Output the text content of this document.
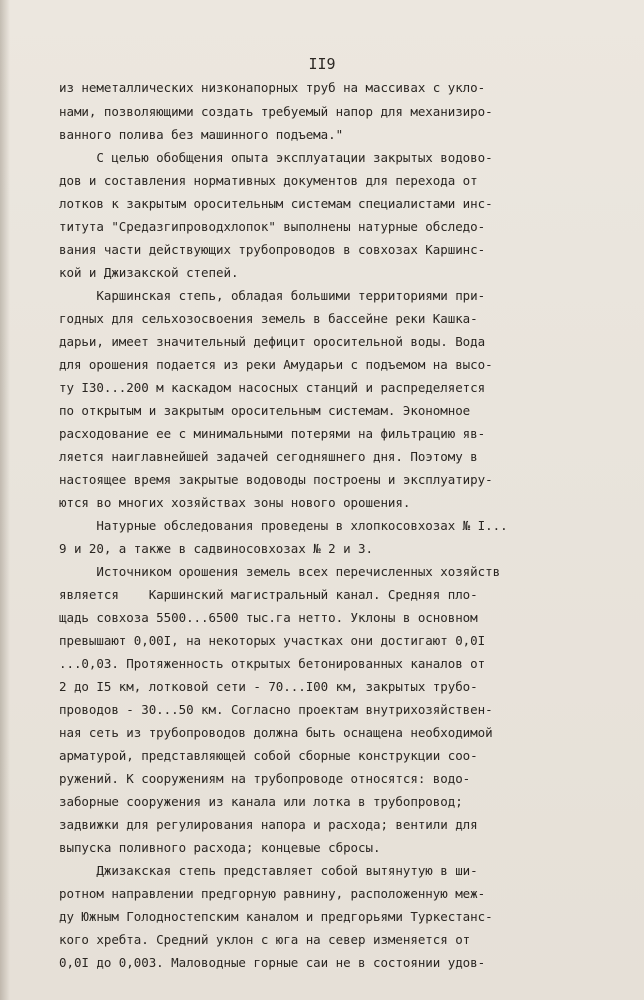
II9
из неметаллических низконапорных труб на массивах с укло-
нами, позволяющими создать требуемый напор для механизиро-
ванного полива без машинного подъема."
С целью обобщения опыта эксплуатации закрытых водово-
дов и составления нормативных документов для перехода от
лотков к закрытым оросительным системам специалистами инс-
титута "Средазгипроводхлопок" выполнены натурные обследо-
вания части действующих трубопроводов в совхозах Каршинс-
кой и Джизакской степей.
Каршинская степь, обладая большими территориями при-
годных для сельхозосвоения земель в бассейне реки Кашка-
дарьи, имеет значительный дефицит оросительной воды. Вода
для орошения подается из реки Амударьи с подъемом на высо-
ту I30...200 м каскадом насосных станций и распределяется
по открытым и закрытым оросительным системам. Экономное
расходование ее с минимальными потерями на фильтрацию яв-
ляется наиглавнейшей задачей сегодняшнего дня. Поэтому в
настоящее время закрытые водоводы построены и эксплуатиру-
ются во многих хозяйствах зоны нового орошения.
Натурные обследования проведены в хлопкосовхозах № I...
9 и 20, а также в садвиносовхозах № 2 и 3.
Источником орошения земель всех перечисленных хозяйств
является    Каршинский магистральный канал. Средняя пло-
щадь совхоза 5500...6500 тыс.га нетто. Уклоны в основном
превышают 0,00I, на некоторых участках они достигают 0,0I
...0,03. Протяженность открытых бетонированных каналов от
2 до I5 км, лотковой сети - 70...I00 км, закрытых трубо-
проводов - 30...50 км. Согласно проектам внутрихозяйствен-
ная сеть из трубопроводов должна быть оснащена необходимой
арматурой, представляющей собой сборные конструкции соо-
ружений. К сооружениям на трубопроводе относятся: водо-
заборные сооружения из канала или лотка в трубопровод;
задвижки для регулирования напора и расхода; вентили для
выпуска поливного расхода; концевые сбросы.
Джизакская степь представляет собой вытянутую в ши-
ротном направлении предгорную равнину, расположенную меж-
ду Южным Голодностепским каналом и предгорьями Туркестанс-
кого хребта. Средний уклон с юга на север изменяется от
0,0I до 0,003. Маловодные горные саи не в состоянии удов-
